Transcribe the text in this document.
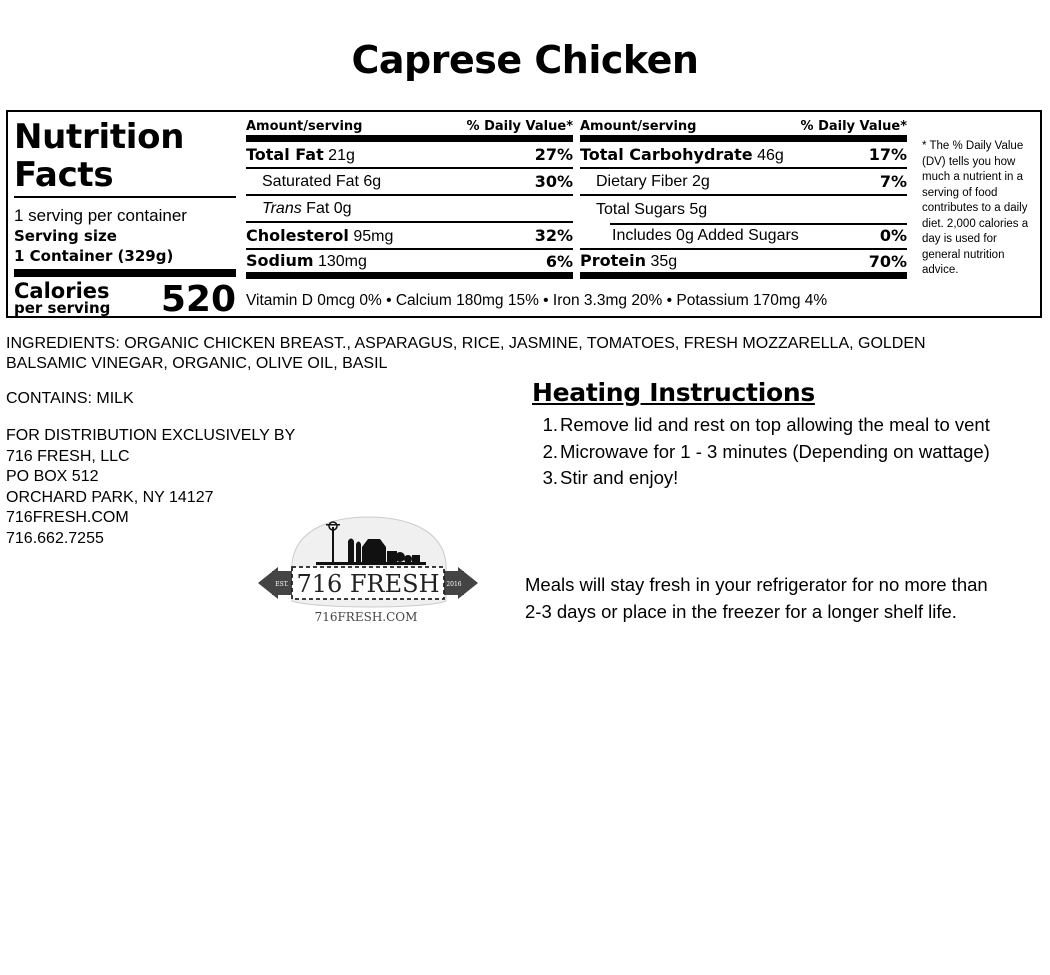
Caprese Chicken
Nutrition
Facts
1 serving per container
Serving size
1 Container (329g)
Calories
per serving 520
Amount/serving	% Daily Value*
Total Fat 21g	27%
Saturated Fat 6g	30%
Trans Fat 0g
Cholesterol 95mg	32%
Sodium 130mg	6%
Amount/serving	% Daily Value*
Total Carbohydrate 46g	17%
Dietary Fiber 2g	7%
Total Sugars 5g
Includes 0g Added Sugars	0%
Protein 35g	70%
Vitamin D 0mcg 0% • Calcium 180mg 15% • Iron 3.3mg 20% • Potassium 170mg 4%
* The % Daily Value (DV) tells you how much a nutrient in a serving of food contributes to a daily diet. 2,000 calories a day is used for general nutrition advice.
INGREDIENTS: ORGANIC CHICKEN BREAST., ASPARAGUS, RICE, JASMINE, TOMATOES, FRESH MOZZARELLA, GOLDEN BALSAMIC VINEGAR, ORGANIC, OLIVE OIL, BASIL
CONTAINS: MILK
FOR DISTRIBUTION EXCLUSIVELY BY
716 FRESH, LLC
PO BOX 512
ORCHARD PARK, NY 14127
716FRESH.COM
716.662.7255
EST.	2016
716 FRESH
716FRESH.COM
Heating Instructions
1. Remove lid and rest on top allowing the meal to vent
2. Microwave for 1 - 3 minutes (Depending on wattage)
3. Stir and enjoy!
Meals will stay fresh in your refrigerator for no more than 2-3 days or place in the freezer for a longer shelf life.
